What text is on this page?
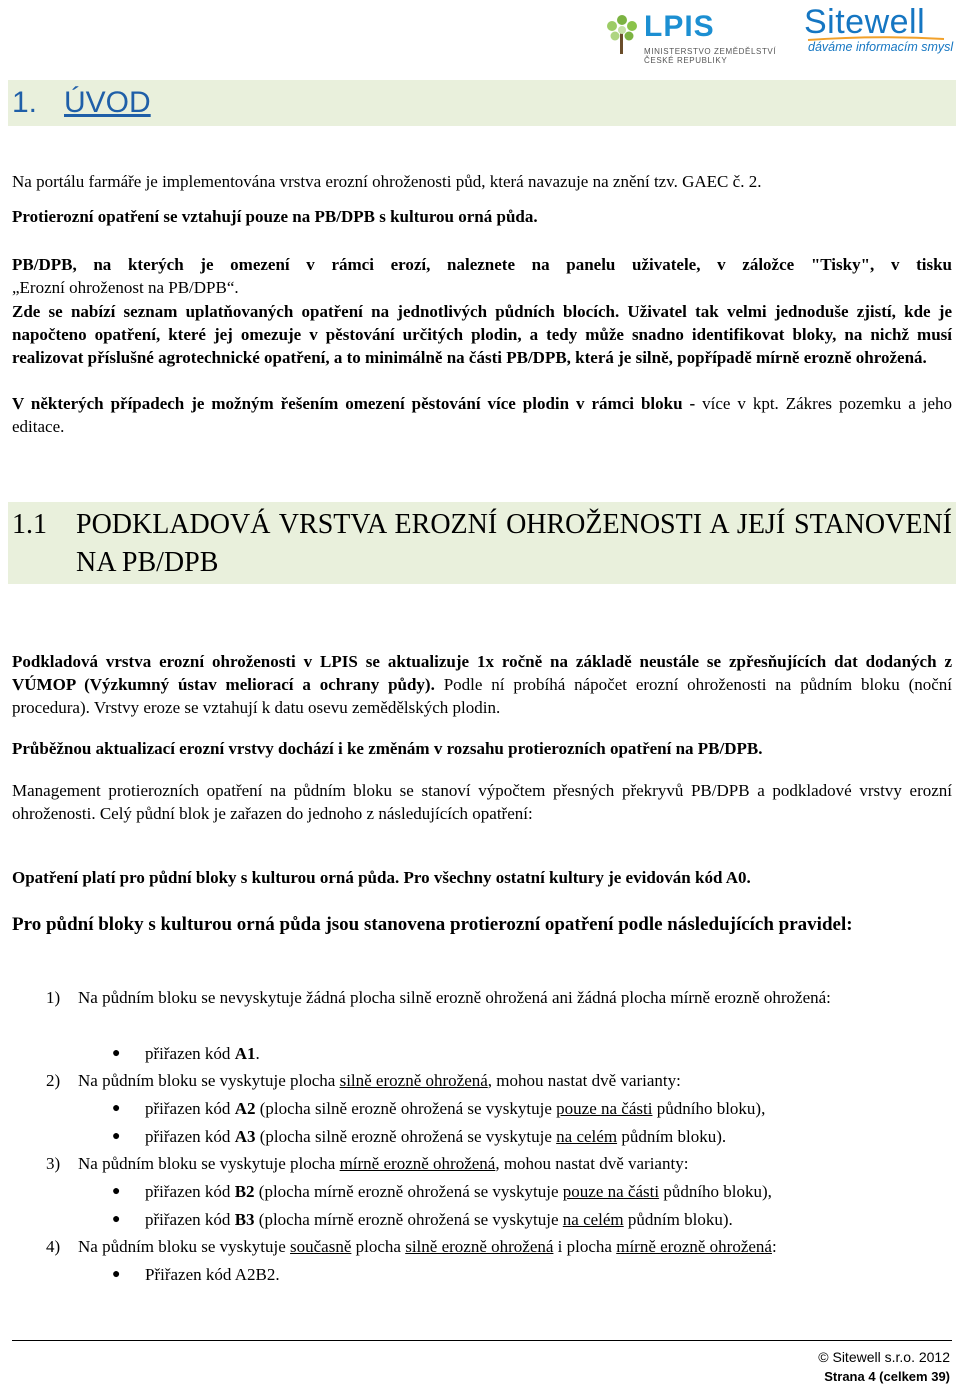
LPIS
MINISTERSTVO ZEMĚDĚLSTVÍ
ČESKÉ REPUBLIKY
Sitewell
dáváme informacím smysl
1. ÚVOD
Na portálu farmáře je implementována vrstva erozní ohroženosti půd, která navazuje na znění tzv. GAEC č. 2.
Protierozní opatření se vztahují pouze na PB/DPB s kulturou orná půda.
PB/DPB, na kterých je omezení v rámci erozí, naleznete na panelu uživatele, v záložce "Tisky", v tisku
„Erozní ohroženost na PB/DPB“.
Zde se nabízí seznam uplatňovaných opatření na jednotlivých půdních blocích. Uživatel tak velmi jednoduše zjistí, kde je napočteno opatření, které jej omezuje v pěstování určitých plodin, a tedy může snadno identifikovat bloky, na nichž musí realizovat příslušné agrotechnické opatření, a to minimálně na části PB/DPB, která je silně, popřípadě mírně erozně ohrožená.
V některých případech je možným řešením omezení pěstování více plodin v rámci bloku - více v kpt. Zákres pozemku a jeho editace.
1.1 PODKLADOVÁ VRSTVA EROZNÍ OHROŽENOSTI A JEJÍ STANOVENÍ NA PB/DPB
Podkladová vrstva erozní ohroženosti v LPIS se aktualizuje 1x ročně na základě neustále se zpřesňujících dat dodaných z VÚMOP (Výzkumný ústav meliorací a ochrany půdy). Podle ní probíhá nápočet erozní ohroženosti na půdním bloku (noční procedura). Vrstvy eroze se vztahují k datu osevu zemědělských plodin.
Průběžnou aktualizací erozní vrstvy dochází i ke změnám v rozsahu protierozních opatření na PB/DPB.
Management protierozních opatření na půdním bloku se stanoví výpočtem přesných překryvů PB/DPB a podkladové vrstvy erozní ohroženosti. Celý půdní blok je zařazen do jednoho z následujících opatření:
Opatření platí pro půdní bloky s kulturou orná půda. Pro všechny ostatní kultury je evidován kód A0.
Pro půdní bloky s kulturou orná půda jsou stanovena protierozní opatření podle následujících pravidel:
1) Na půdním bloku se nevyskytuje žádná plocha silně erozně ohrožená ani žádná plocha mírně erozně ohrožená:
● přiřazen kód A1.
2) Na půdním bloku se vyskytuje plocha silně erozně ohrožená, mohou nastat dvě varianty:
● přiřazen kód A2 (plocha silně erozně ohrožená se vyskytuje pouze na části půdního bloku),
● přiřazen kód A3 (plocha silně erozně ohrožená se vyskytuje na celém půdním bloku).
3) Na půdním bloku se vyskytuje plocha mírně erozně ohrožená, mohou nastat dvě varianty:
● přiřazen kód B2 (plocha mírně erozně ohrožená se vyskytuje pouze na části půdního bloku),
● přiřazen kód B3 (plocha mírně erozně ohrožená se vyskytuje na celém půdním bloku).
4) Na půdním bloku se vyskytuje současně plocha silně erozně ohrožená i plocha mírně erozně ohrožená:
● Přiřazen kód A2B2.
© Sitewell s.r.o. 2012
Strana 4 (celkem 39)
